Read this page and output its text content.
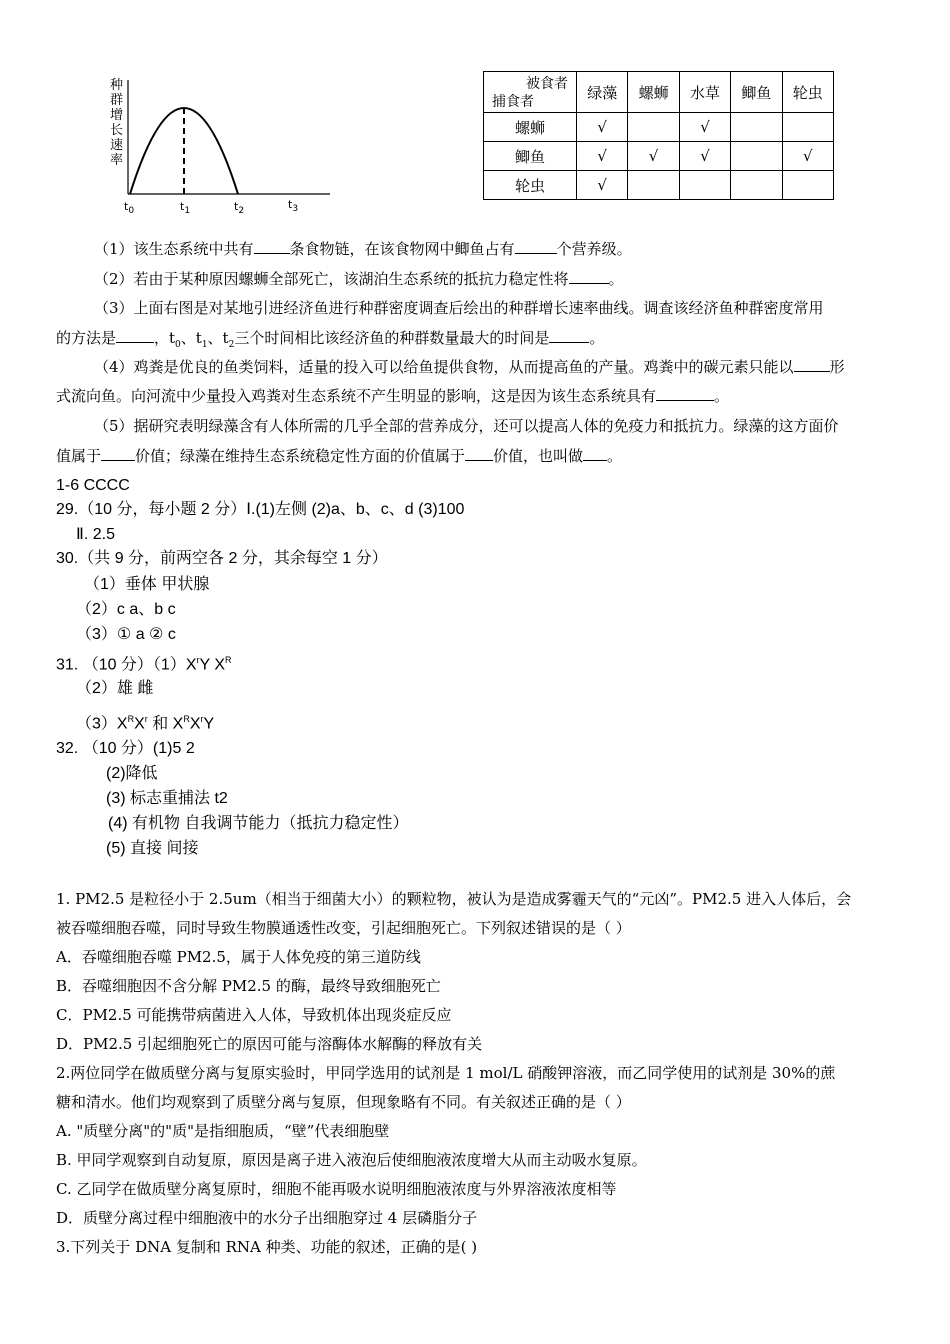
种
群
增
长
速
率
$t_0$	$t_1$	$t_2$
$t_3$
被食者
捕食者	绿藻	螺蛳	水草	鲫鱼	轮虫
螺蛳	√		√		
鲫鱼	√	√	√		√
轮虫	√				
（1）该生态系统中共有 条食物链，在该食物网中鲫鱼占有	个营养级。
（2）若由于某种原因螺蛳全部死亡，该湖泊生态系统的抵抗力稳定性将	。
（3）上面右图是对某地引进经济鱼进行种群密度调查后绘出的种群增长速率曲线。调查该经济鱼种群密度常用
的方法是	，$t_0$、$t_1$、$t_2$三个时间相比该经济鱼的种群数量最大的时间是	。
（4）鸡粪是优良的鱼类饲料，适量的投入可以给鱼提供食物，从而提高鱼的产量。鸡粪中的碳元素只能以 形
式流向鱼。向河流中少量投入鸡粪对生态系统不产生明显的影响，这是因为该生态系统具有	。
（5）据研究表明绿藻含有人体所需的几乎全部的营养成分，还可以提高人体的免疫力和抵抗力。绿藻的这方面价
值属于 价值；绿藻在维持生态系统稳定性方面的价值属于 价值，也叫做 。
1-6 CCCC
29.（10 分，每小题 2 分）Ⅰ.(1)左侧 (2)a、b、c、d (3)100
Ⅱ. 2.5
30.（共 9 分，前两空各 2 分，其余每空 1 分）
（1）垂体 甲状腺
（2）c a、b c
（3）① a ② c
31. （10 分）$(1)X^rY$ $X^R$
（2）雄 雌
$(3)X^RX^r$ 和 $X^RX^rY$
32. （10 分）(1)5 2
(2)降低
(3) 标志重捕法 t2
(4) 有机物 自我调节能力（抵抗力稳定性）
(5) 直接 间接
1. PM2.5 是粒径小于 2.5um（相当于细菌大小）的颗粒物，被认为是造成雾霾天气的“元凶”。PM2.5 进入人体后，会
被吞噬细胞吞噬，同时导致生物膜通透性改变，引起细胞死亡。下列叙述错误的是（ ）
A．吞噬细胞吞噬 PM2.5，属于人体免疫的第三道防线
B．吞噬细胞因不含分解 PM2.5 的酶，最终导致细胞死亡
C．PM2.5 可能携带病菌进入人体，导致机体出现炎症反应
D．PM2.5 引起细胞死亡的原因可能与溶酶体水解酶的释放有关
2.两位同学在做质壁分离与复原实验时，甲同学选用的试剂是 1 mol/L 硝酸钾溶液，而乙同学使用的试剂是 30%的蔗
糖和清水。他们均观察到了质壁分离与复原，但现象略有不同。有关叙述正确的是（ ）
A. "质壁分离"的"质"是指细胞质，“壁”代表细胞壁
B. 甲同学观察到自动复原，原因是离子进入液泡后使细胞液浓度增大从而主动吸水复原。
C. 乙同学在做质壁分离复原时，细胞不能再吸水说明细胞液浓度与外界溶液浓度相等
D．质壁分离过程中细胞液中的水分子出细胞穿过 4 层磷脂分子
3.下列关于 DNA 复制和 RNA 种类、功能的叙述，正确的是( )
